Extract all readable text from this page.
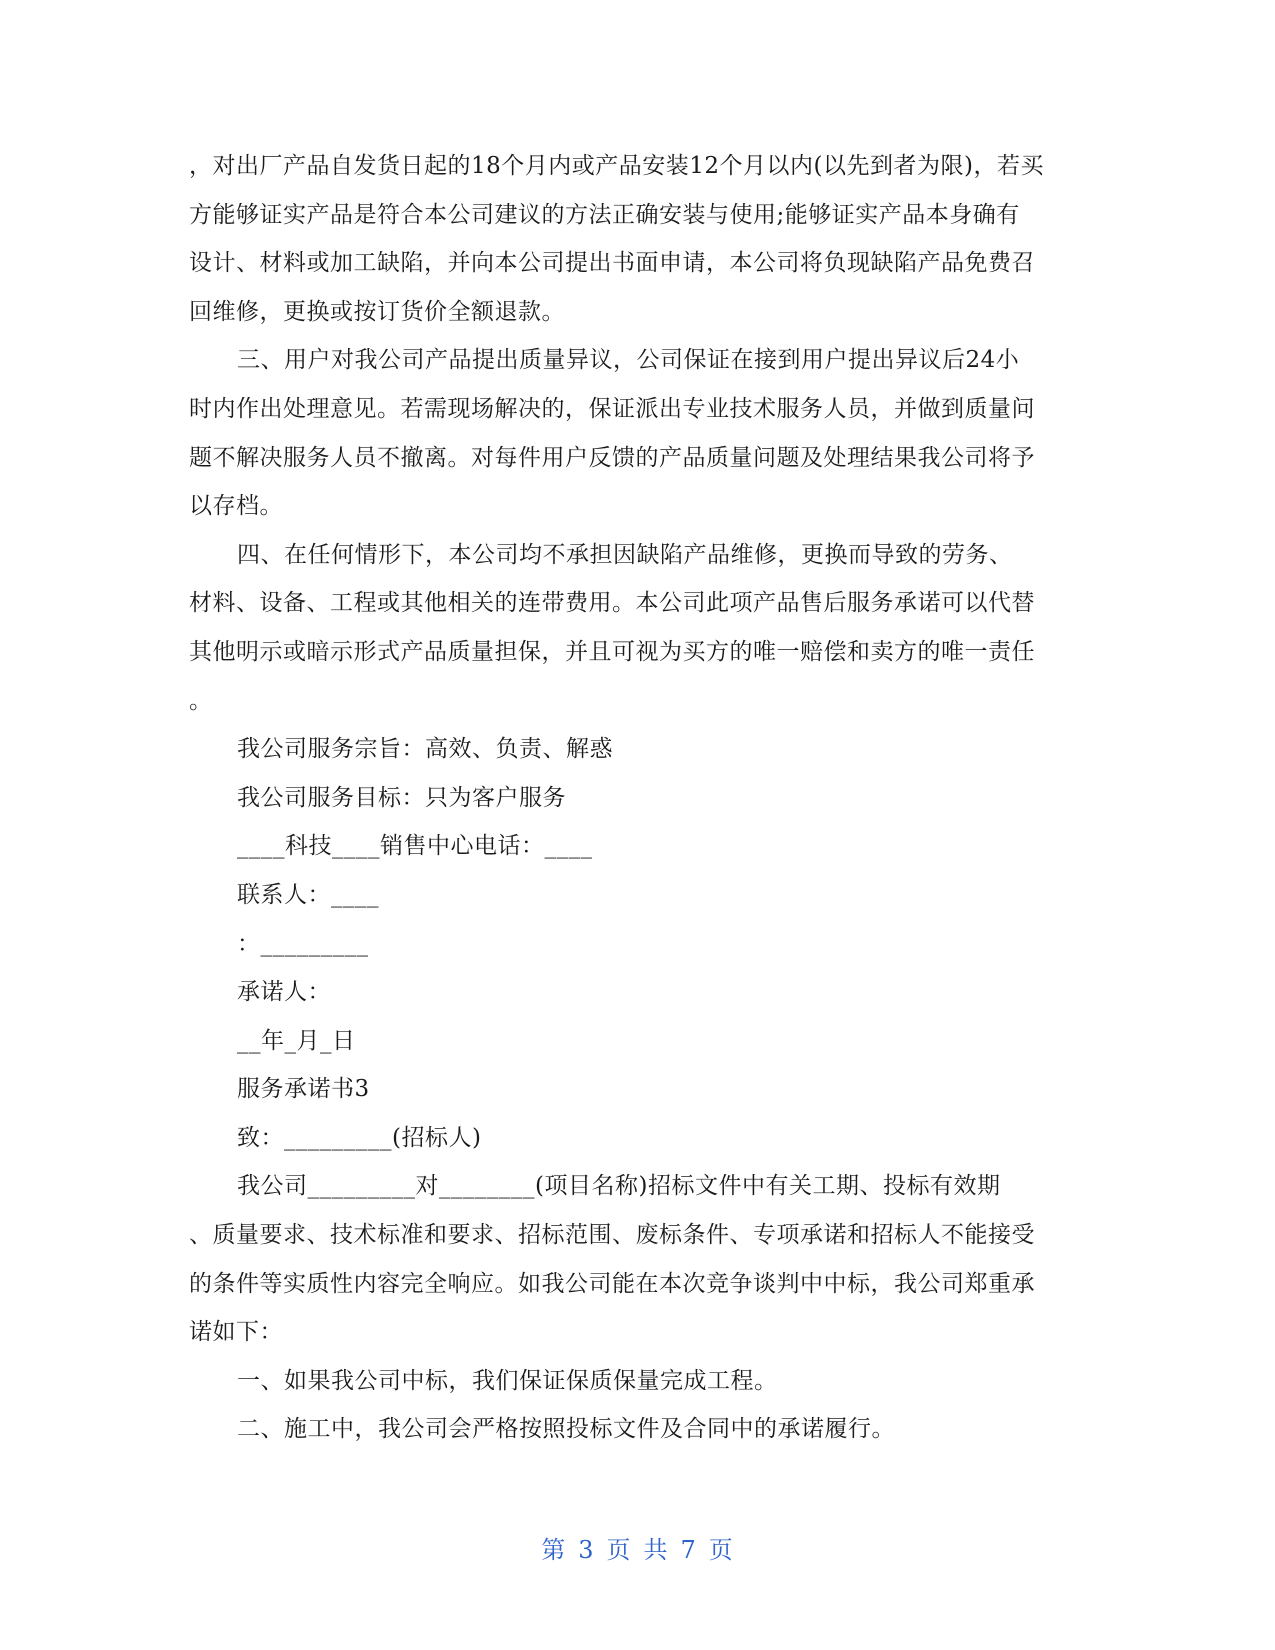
，对出厂产品自发货日起的18个月内或产品安装12个月以内(以先到者为限)，若买
方能够证实产品是符合本公司建议的方法正确安装与使用;能够证实产品本身确有
设计、材料或加工缺陷，并向本公司提出书面申请，本公司将负现缺陷产品免费召
回维修，更换或按订货价全额退款。

三、用户对我公司产品提出质量异议，公司保证在接到用户提出异议后24小
时内作出处理意见。若需现场解决的，保证派出专业技术服务人员，并做到质量问
题不解决服务人员不撤离。对每件用户反馈的产品质量问题及处理结果我公司将予
以存档。

四、在任何情形下，本公司均不承担因缺陷产品维修，更换而导致的劳务、
材料、设备、工程或其他相关的连带费用。本公司此项产品售后服务承诺可以代替
其他明示或暗示形式产品质量担保，并且可视为买方的唯一赔偿和卖方的唯一责任
。

我公司服务宗旨：高效、负责、解惑
我公司服务目标：只为客户服务
____科技____销售中心电话：____
联系人：____
：_________
承诺人：
__年_月_日
服务承诺书3
致：_________(招标人)

我公司_________对________(项目名称)招标文件中有关工期、投标有效期
、质量要求、技术标准和要求、招标范围、废标条件、专项承诺和招标人不能接受
的条件等实质性内容完全响应。如我公司能在本次竞争谈判中中标，我公司郑重承
诺如下：

一、如果我公司中标，我们保证保质保量完成工程。
二、施工中，我公司会严格按照投标文件及合同中的承诺履行。

第 3 页 共 7 页
